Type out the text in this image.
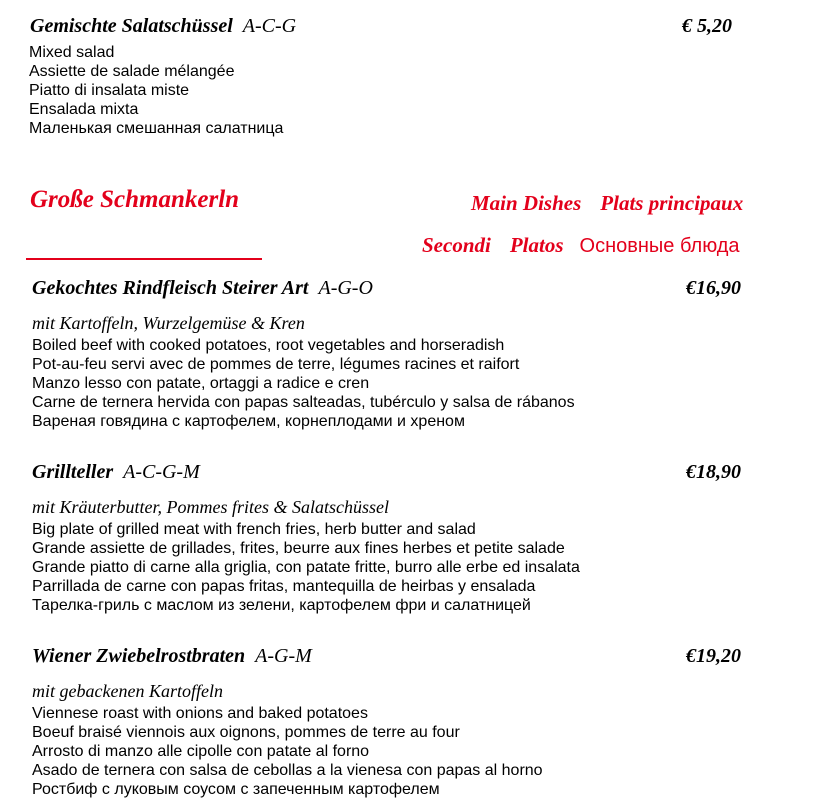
Gemischte Salatschüssel A-C-G	€ 5,20
Mixed salad
Assiette de salade mélangée
Piatto di insalata miste
Ensalada mixta
Маленькая смешанная салатница
Große Schmankerln	Main Dishes Plats principaux
Secondi Platos Основные блюда
Gekochtes Rindfleisch Steirer Art A-G-O	€16,90
mit Kartoffeln, Wurzelgemüse & Kren
Boiled beef with cooked potatoes, root vegetables and horseradish
Pot-au-feu servi avec de pommes de terre, légumes racines et raifort
Manzo lesso con patate, ortaggi a radice e cren
Carne de ternera hervida con papas salteadas, tubérculo y salsa de rábanos
Вареная говядина с картофелем, корнеплодами и хреном
Grillteller A-C-G-M	€18,90
mit Kräuterbutter, Pommes frites & Salatschüssel
Big plate of grilled meat with french fries, herb butter and salad
Grande assiette de grillades, frites, beurre aux fines herbes et petite salade
Grande piatto di carne alla griglia, con patate fritte, burro alle erbe ed insalata
Parrillada de carne con papas fritas, mantequilla de heirbas y ensalada
Тарелка-гриль с маслом из зелени, картофелем фри и салатницей
Wiener Zwiebelrostbraten A-G-M	€19,20
mit gebackenen Kartoffeln
Viennese roast with onions and baked potatoes
Boeuf braisé viennois aux oignons, pommes de terre au four
Arrosto di manzo alle cipolle con patate al forno
Asado de ternera con salsa de cebollas a la vienesa con papas al horno
Ростбиф с луковым соусом с запеченным картофелем
